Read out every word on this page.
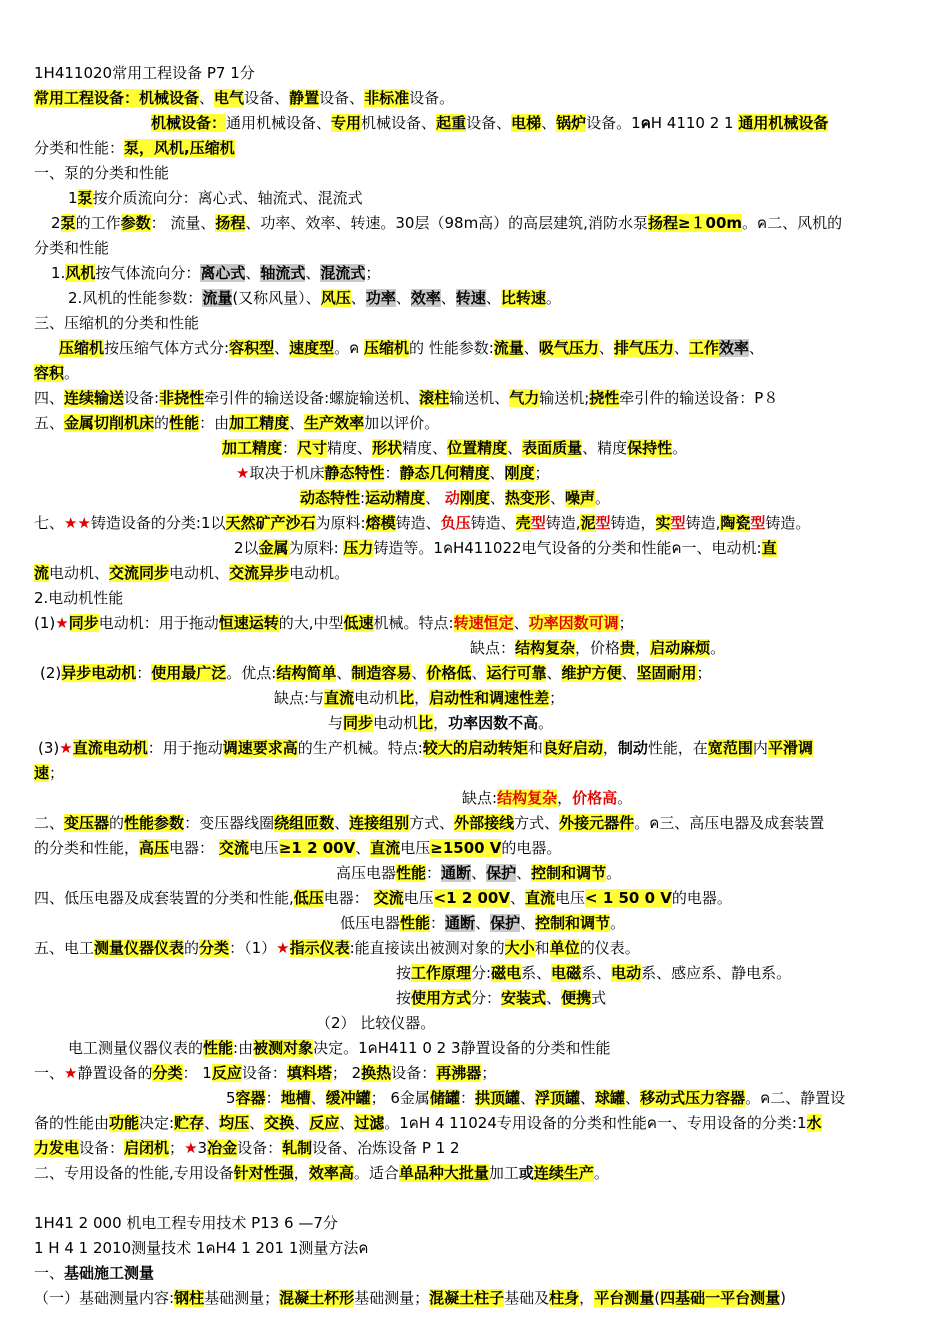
1H411020常用工程设备 P7 1分
常用工程设备：机械设备、电气设备、静置设备、非标准设备。
机械设备：通用机械设备、专用机械设备、起重设备、电梯、锅炉设备。1คH 4110 2 1 通用机械设备
分类和性能：泵，风机,压缩机
一、泵的分类和性能
1泵按介质流向分：离心式、轴流式、混流式
2泵的工作参数： 流量、扬程、功率、效率、转速。30层（98m高）的高层建筑,消防水泵扬程≥１00m。ค二、风机的
分类和性能
1.风机按气体流向分：离心式、轴流式、混流式；
2.风机的性能参数：流量(又称风量）、风压、功率、效率、转速、比转速。
三、压缩机的分类和性能
压缩机按压缩气体方式分:容积型、速度型。ค 压缩机的 性能参数:流量、吸气压力、排气压力、工作效率、
容积。
四、连续输送设备:非挠性牵引件的输送设备:螺旋输送机、滚柱输送机、气力输送机;挠性牵引件的输送设备：P８
五、金属切削机床的性能：由加工精度、生产效率加以评价。
加工精度：尺寸精度、形状精度、位置精度、表面质量、精度保持性。
★取决于机床静态特性：静态几何精度、刚度；
动态特性:运动精度、 动刚度、热变形、噪声。
七、★★铸造设备的分类:1以天然矿产沙石为原料:熔模铸造、负压铸造、壳型铸造,泥型铸造，实型铸造,陶瓷型铸造。
2以金属为原料: 压力铸造等。1คH411022电气设备的分类和性能ค一、电动机:直
流电动机、交流同步电动机、交流异步电动机。
2.电动机性能
(1)★同步电动机：用于拖动恒速运转的大,中型低速机械。特点:转速恒定、功率因数可调；
缺点：结构复杂，价格贵，启动麻烦。
(2)异步电动机：使用最广泛。优点:结构简单、制造容易、价格低、运行可靠、维护方便、坚固耐用；
缺点:与直流电动机比，启动性和调速性差；
与同步电动机比，功率因数不高。
(3)★直流电动机：用于拖动调速要求高的生产机械。特点:较大的启动转矩和良好启动，制动性能，在宽范围内平滑调
速；
缺点:结构复杂，价格高。
二、变压器的性能参数：变压器线圈绕组匝数、连接组别方式、外部接线方式、外接元器件。ค三、高压电器及成套装置
的分类和性能，高压电器： 交流电压≥1 2 00V、直流电压≥1500 V的电器。
高压电器性能：通断、保护、控制和调节。
四、低压电器及成套装置的分类和性能,低压电器： 交流电压<1 2 00V、直流电压< 1 50 0 V的电器。
低压电器性能：通断、保护、控制和调节。
五、电工测量仪器仪表的分类：（1）★指示仪表:能直接读出被测对象的大小和单位的仪表。
按工作原理分:磁电系、电磁系、电动系、感应系、静电系。
按使用方式分：安装式、便携式
（2） 比较仪器。
电工测量仪器仪表的性能:由被测对象决定。1คH411 0 2 3静置设备的分类和性能
一、★静置设备的分类： 1反应设备：填料塔； 2换热设备：再沸器；
5容器：地槽、缓冲罐； 6金属储罐：拱顶罐、浮顶罐、球罐、移动式压力容器。ค二、静置设
备的性能由功能决定:贮存、均压、交换、反应、过滤。1คH 4 11024专用设备的分类和性能ค一、专用设备的分类:1水
力发电设备：启闭机；★3冶金设备：轧制设备、冶炼设备 P 1 2
二、专用设备的性能,专用设备针对性强，效率高。适合单品种大批量加工或连续生产。
1H41 2 000 机电工程专用技术 P13 6 —7分
1 H 4 1 2010测量技术 1คH4 1 201 1测量方法ค
一、基础施工测量
（一）基础测量内容:钢柱基础测量；混凝土杯形基础测量；混凝土柱子基础及柱身，平台测量(四基础一平台测量)
